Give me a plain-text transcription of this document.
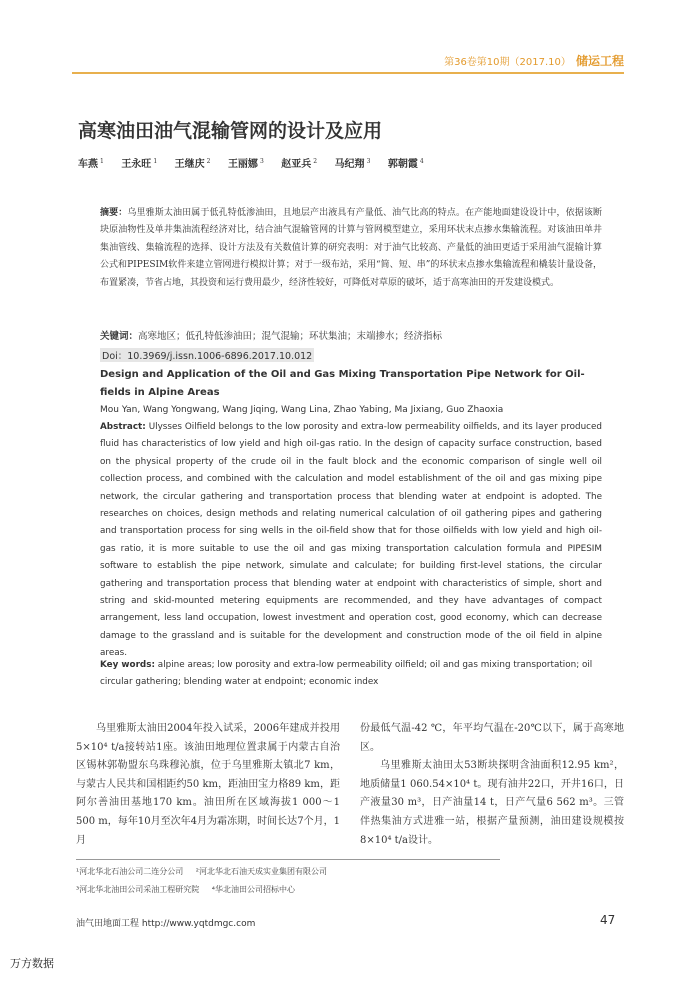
第36卷第10期（2017.10） 储运工程
高寒油田油气混输管网的设计及应用
车燕 $^1$ 王永旺 $^1$ 王继庆 $^2$ 王丽娜 $^3$ 赵亚兵 $^2$ 马纪翔 $^3$ 郭朝霞 $^4$
摘要：乌里雅斯太油田属于低孔特低渗油田，且地层产出液具有产量低、油气比高的特点。在产能地面建设设计中，依据该断块原油物性及单井集油流程经济对比，结合油气混输管网的计算与管网模型建立，采用环状末点掺水集输流程。对该油田单井集油管线、集输流程的选择、设计方法及有关数值计算的研究表明：对于油气比较高、产量低的油田更适于采用油气混输计算公式和PIPESIM软件来建立管网进行模拟计算；对于一级布站，采用“简、短、串”的环状末点掺水集输流程和橇装计量设备，布置紧凑，节省占地，其投资和运行费用最少，经济性较好，可降低对草原的破坏，适于高寒油田的开发建设模式。
关键词：高寒地区；低孔特低渗油田；混气混输；环状集油；末端掺水；经济指标
Doi：10.3969/j.issn.1006-6896.2017.10.012
Design and Application of the Oil and Gas Mixing Transportation Pipe Network for Oil-fields in Alpine Areas
Mou Yan, Wang Yongwang, Wang Jiqing, Wang Lina, Zhao Yabing, Ma Jixiang, Guo Zhaoxia
Abstract: Ulysses Oilfield belongs to the low porosity and extra-low permeability oilfields, and its layer produced fluid has characteristics of low yield and high oil-gas ratio. In the design of capacity surface construction, based on the physical property of the crude oil in the fault block and the economic comparison of single well oil collection process, and combined with the calculation and model establishment of the oil and gas mixing pipe network, the circular gathering and transportation process that blending water at endpoint is adopted. The researches on choices, design methods and relating numerical calculation of oil gathering pipes and gathering and transportation process for sing wells in the oil-field show that for those oilfields with low yield and high oil-gas ratio, it is more suitable to use the oil and gas mixing transportation calculation formula and PIPESIM software to establish the pipe network, simulate and calculate; for building first-level stations, the circular gathering and transportation process that blending water at endpoint with characteristics of simple, short and string and skid-mounted metering equipments are recommended, and they have advantages of compact arrangement, less land occupation, lowest investment and operation cost, good economy, which can decrease damage to the grassland and is suitable for the development and construction mode of the oil field in alpine areas.
Key words: alpine areas; low porosity and extra-low permeability oilfield; oil and gas mixing transportation; oil circular gathering; blending water at endpoint; economic index

乌里雅斯太油田2004年投入试采，2006年建成并投用5×10⁴ t/a接转站1座。该油田地理位置隶属于内蒙古自治区锡林郭勒盟东乌珠穆沁旗，位于乌里雅斯太镇北7 km，与蒙古人民共和国相距约50 km，距油田宝力格89 km，距阿尔善油田基地170 km。油田所在区域海拔1 000～1 500 m，每年10月至次年4月为霜冻期，时间长达7个月，1月

份最低气温-42 ℃，年平均气温在-20℃以下，属于高寒地区。

乌里雅斯太油田太53断块探明含油面积12.95 km²，地质储量1 060.54×10⁴ t。现有油井22口，开井16口，日产液量30 m³，日产油量14 t，日产气量6 562 m³。三管伴热集油方式进雅一站，根据产量预测，油田建设规模按8×10⁴ t/a设计。

¹河北华北石油公司二连分公司 ²河北华北石油天成实业集团有限公司
³河北华北油田公司采油工程研究院 ⁴华北油田公司招标中心
油气田地面工程 http://www.yqtdmgc.com	47
万方数据
